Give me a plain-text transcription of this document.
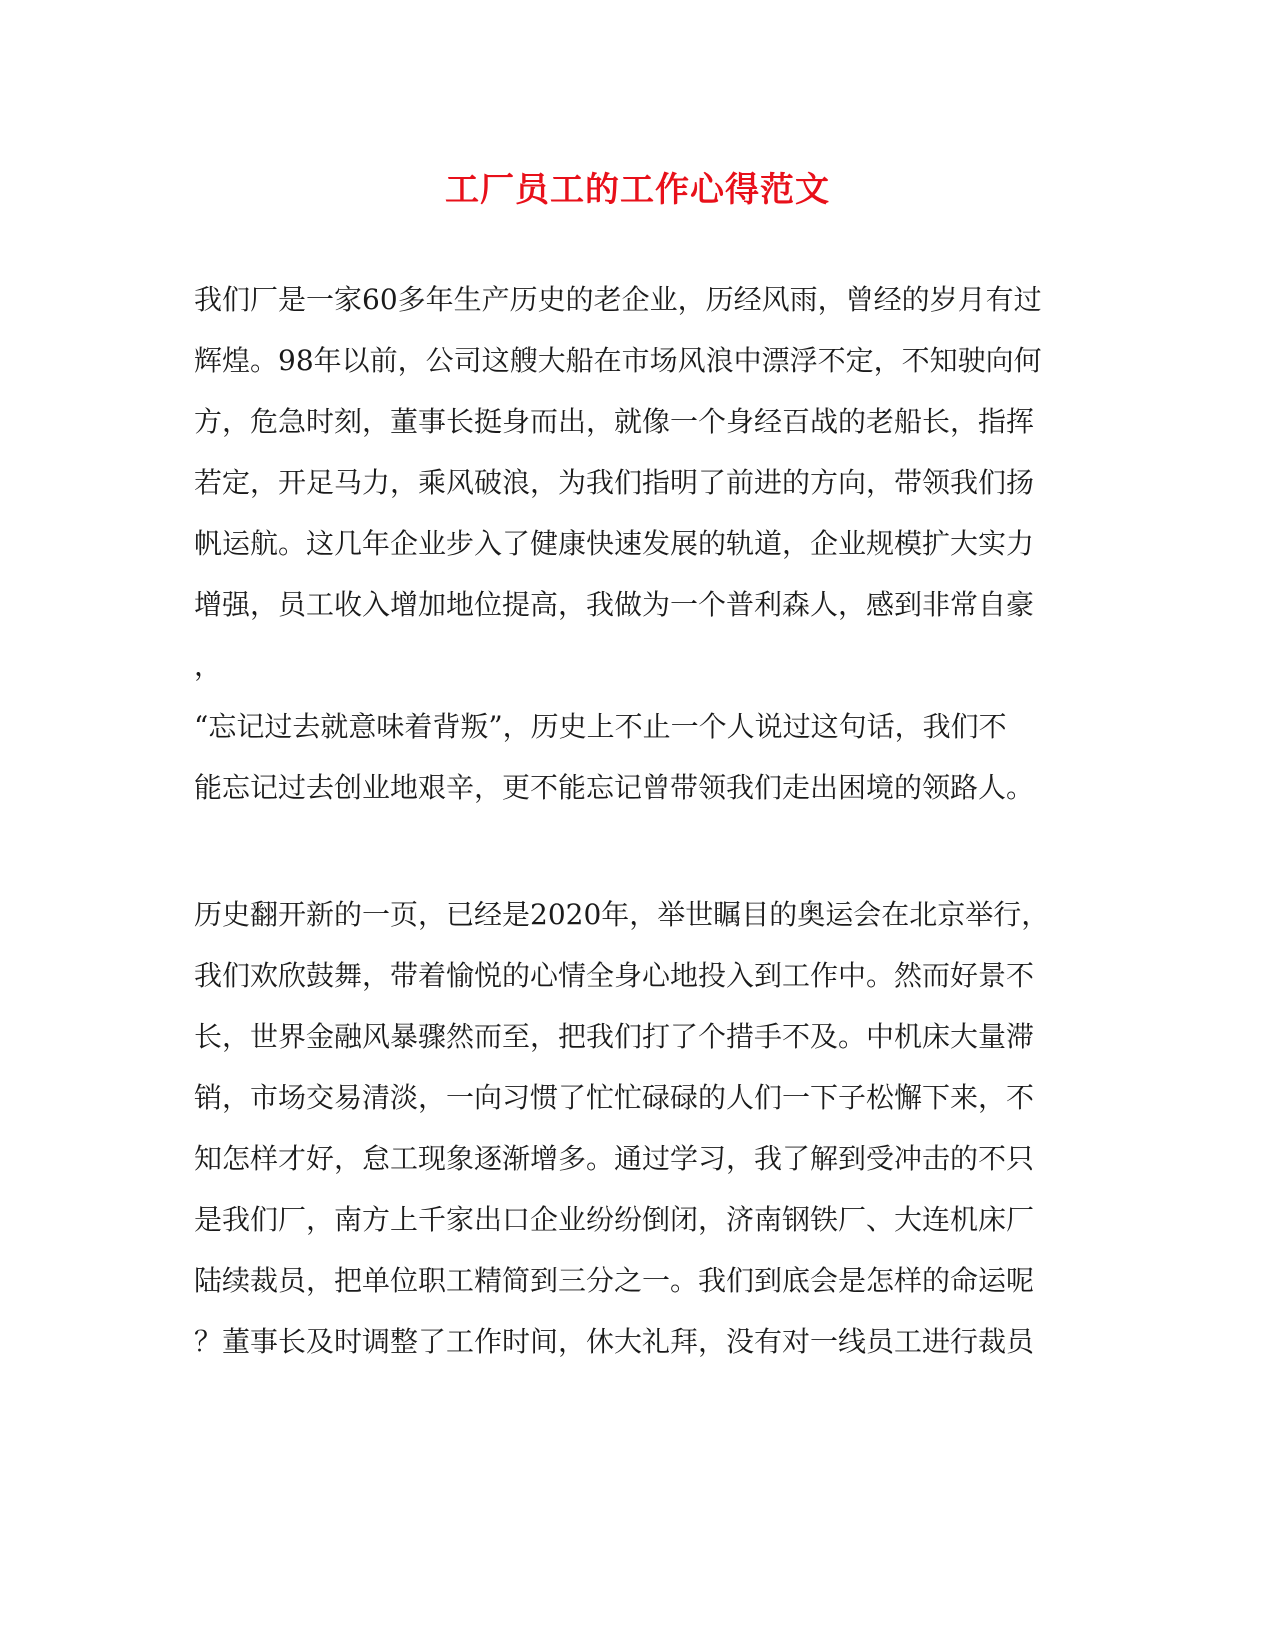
工厂员工的工作心得范文

我们厂是一家60多年生产历史的老企业，历经风雨，曾经的岁月有过

辉煌。98年以前，公司这艘大船在市场风浪中漂浮不定，不知驶向何

方，危急时刻，董事长挺身而出，就像一个身经百战的老船长，指挥

若定，开足马力，乘风破浪，为我们指明了前进的方向，带领我们扬

帆运航。这几年企业步入了健康快速发展的轨道，企业规模扩大实力

增强，员工收入增加地位提高，我做为一个普利森人，感到非常自豪

，

“忘记过去就意味着背叛”，历史上不止一个人说过这句话，我们不

能忘记过去创业地艰辛，更不能忘记曾带领我们走出困境的领路人。

历史翻开新的一页，已经是2020年，举世瞩目的奥运会在北京举行，

我们欢欣鼓舞，带着愉悦的心情全身心地投入到工作中。然而好景不

长，世界金融风暴骤然而至，把我们打了个措手不及。中机床大量滞

销，市场交易清淡，一向习惯了忙忙碌碌的人们一下子松懈下来，不

知怎样才好，怠工现象逐渐增多。通过学习，我了解到受冲击的不只

是我们厂，南方上千家出口企业纷纷倒闭，济南钢铁厂、大连机床厂

陆续裁员，把单位职工精简到三分之一。我们到底会是怎样的命运呢

？董事长及时调整了工作时间，休大礼拜，没有对一线员工进行裁员
